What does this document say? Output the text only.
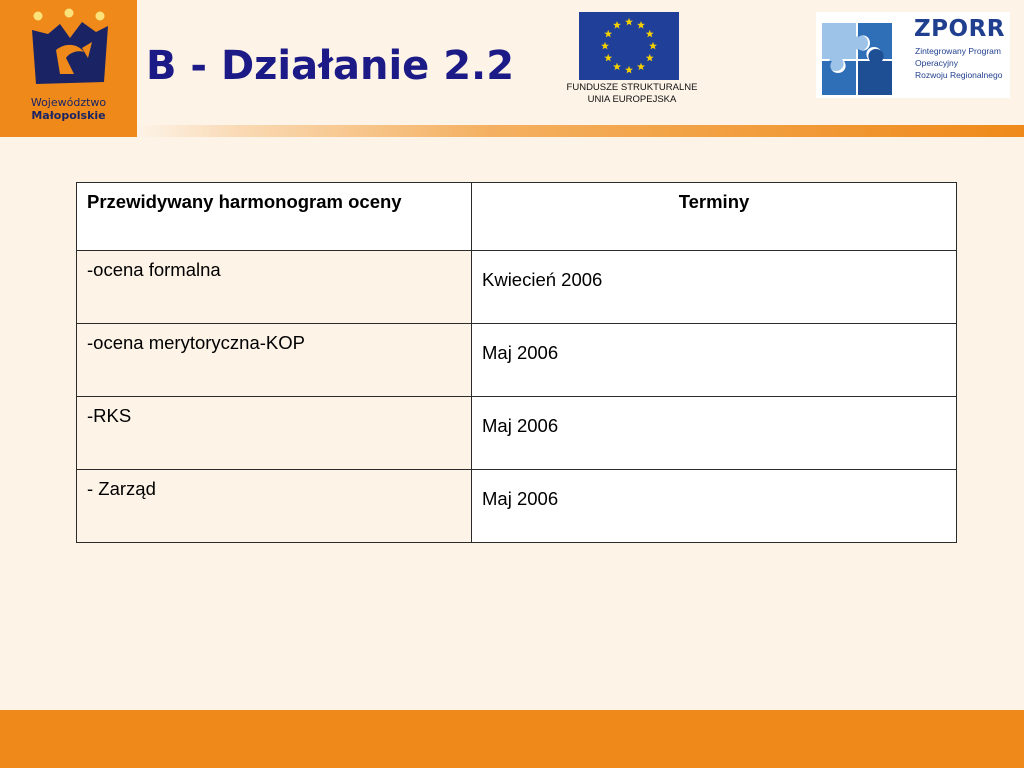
Województwo
Małopolskie
B - Działanie 2.2	FUNDUSZE STRUKTURALNE
UNIA EUROPEJSKA
ZPORR
Zintegrowany Program
Operacyjny
Rozwoju Regionalnego
Przewidywany harmonogram oceny	Terminy
-ocena formalna	Kwiecień 2006
-ocena merytoryczna-KOP	Maj 2006
-RKS	Maj 2006
- Zarząd	Maj 2006
